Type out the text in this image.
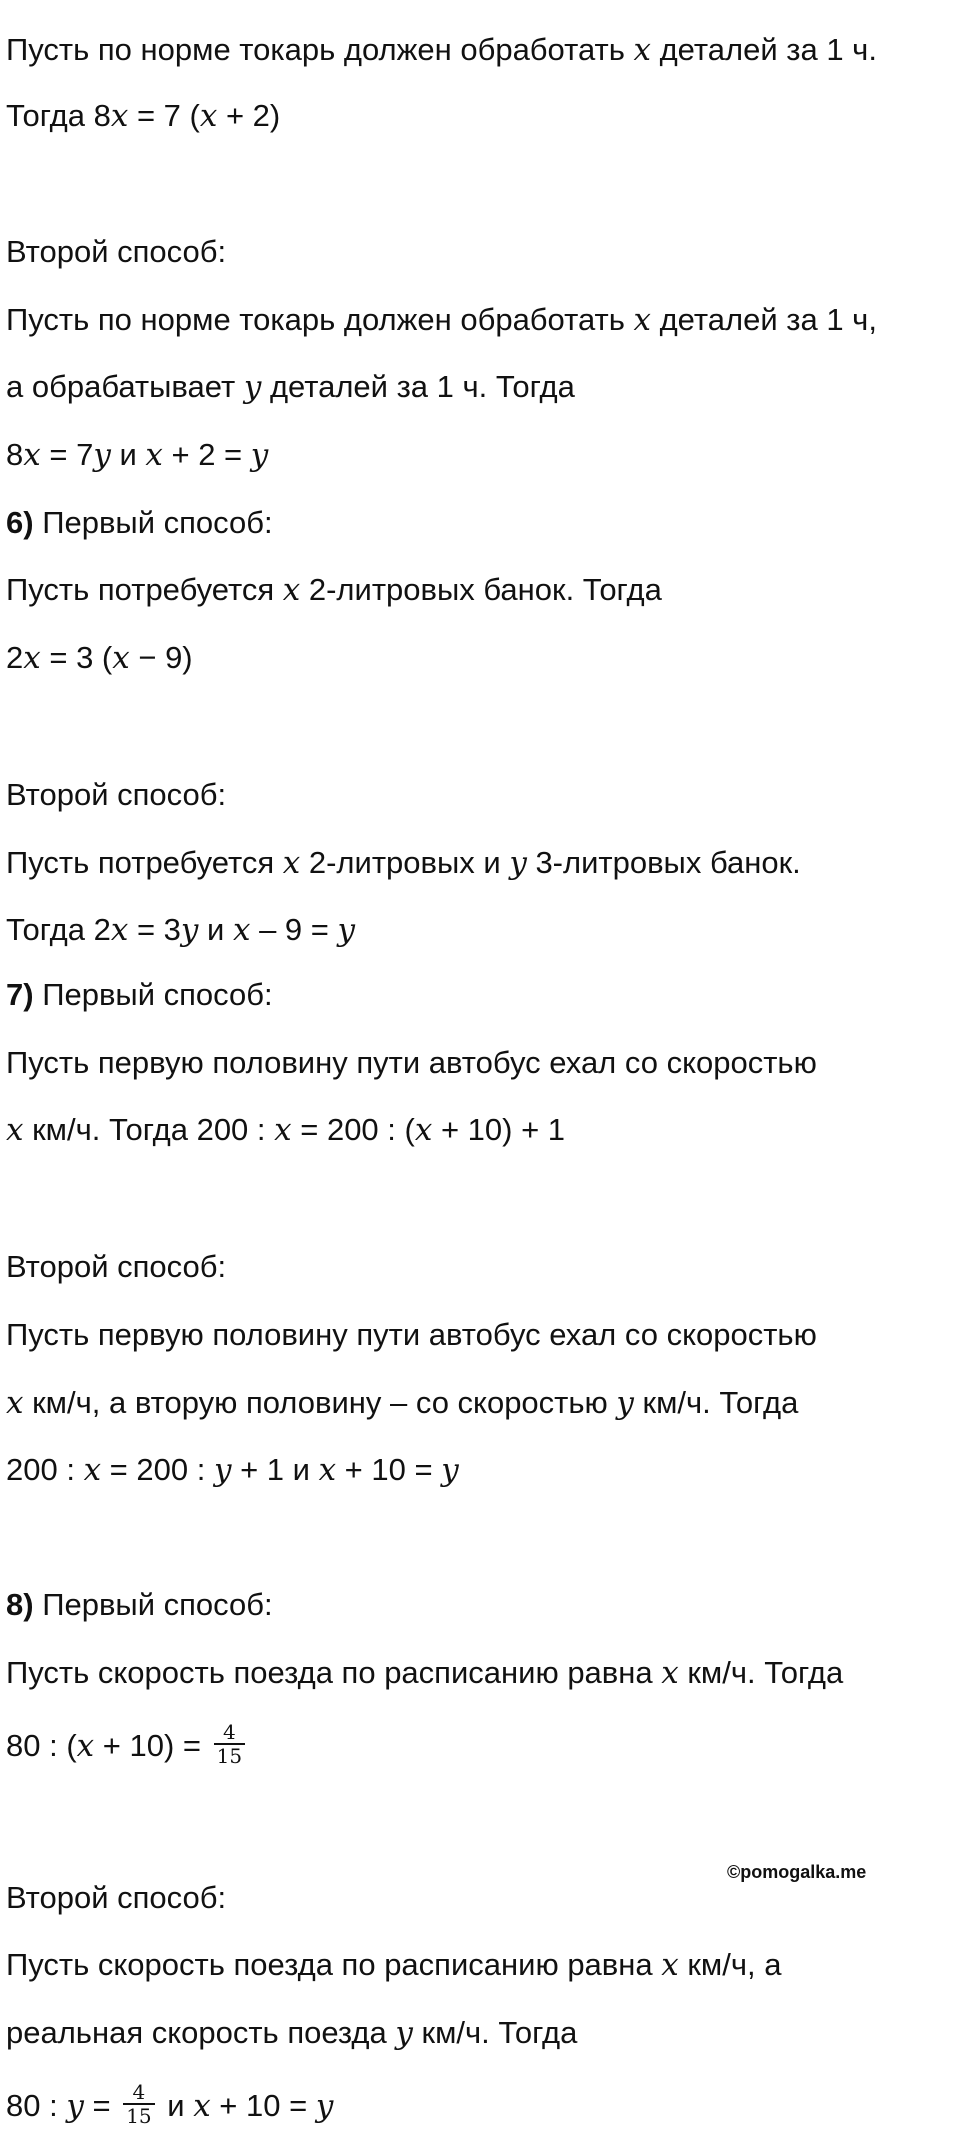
Пусть по норме токарь должен обработать x деталей за 1 ч.
Тогда 8x = 7 (x + 2)
Второй способ:
Пусть по норме токарь должен обработать x деталей за 1 ч,
а обрабатывает y деталей за 1 ч. Тогда
8x = 7y и x + 2 = y
6) Первый способ:
Пусть потребуется x 2-литровых банок. Тогда
2x = 3 (x − 9)
Второй способ:
Пусть потребуется x 2-литровых и y 3-литровых банок.
Тогда 2x = 3y и x – 9 = y
7) Первый способ:
Пусть первую половину пути автобус ехал со скоростью
x км/ч. Тогда 200 : x = 200 : (x + 10) + 1
Второй способ:
Пусть первую половину пути автобус ехал со скоростью
x км/ч, а вторую половину – со скоростью y км/ч. Тогда
200 : x = 200 : y + 1 и x + 10 = y
8) Первый способ:
Пусть скорость поезда по расписанию равна x км/ч. Тогда
80 : $(x + 10) = \frac{4}{15}$
©pomogalka.me
Второй способ:
Пусть скорость поезда по расписанию равна x км/ч, а
реальная скорость поезда y км/ч. Тогда
80 : $y = \frac{4}{15}$ и x + 10 = y
